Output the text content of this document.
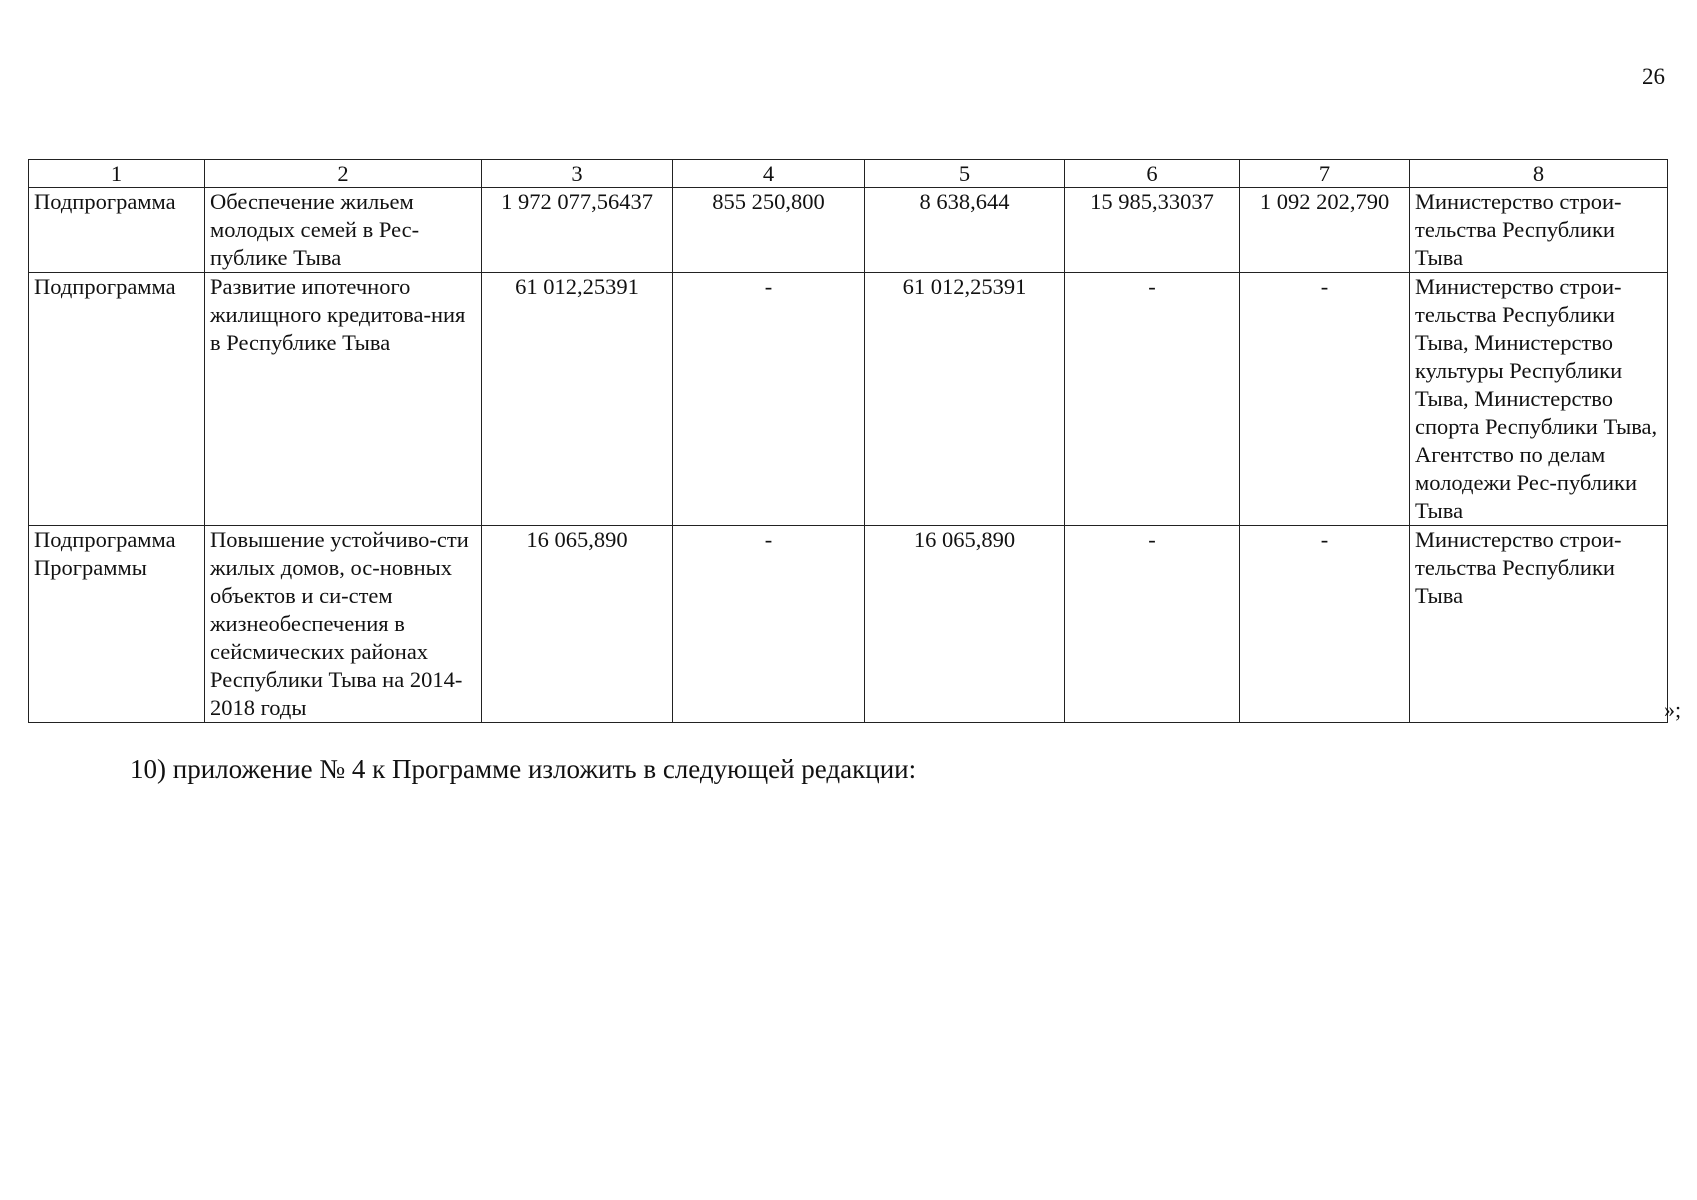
26
1	2	3	4	5	6	7	8
Подпрограмма	Обеспечение жильем молодых семей в Рес-публике Тыва	1 972 077,56437	855 250,800	8 638,644	15 985,33037	1 092 202,790	Министерство строи-тельства Республики Тыва
Подпрограмма	Развитие ипотечного жилищного кредитова-ния в Республике Тыва	61 012,25391	-	61 012,25391	-	-	Министерство строи-тельства Республики Тыва, Министерство культуры Республики Тыва, Министерство спорта Республики Тыва, Агентство по делам молодежи Рес-публики Тыва
Подпрограмма Программы	Повышение устойчиво-сти жилых домов, ос-новных объектов и си-стем жизнеобеспечения в сейсмических районах Республики Тыва на 2014-2018 годы	16 065,890	-	16 065,890	-	-	Министерство строи-тельства Республики Тыва
»;
10) приложение № 4 к Программе изложить в следующей редакции:
